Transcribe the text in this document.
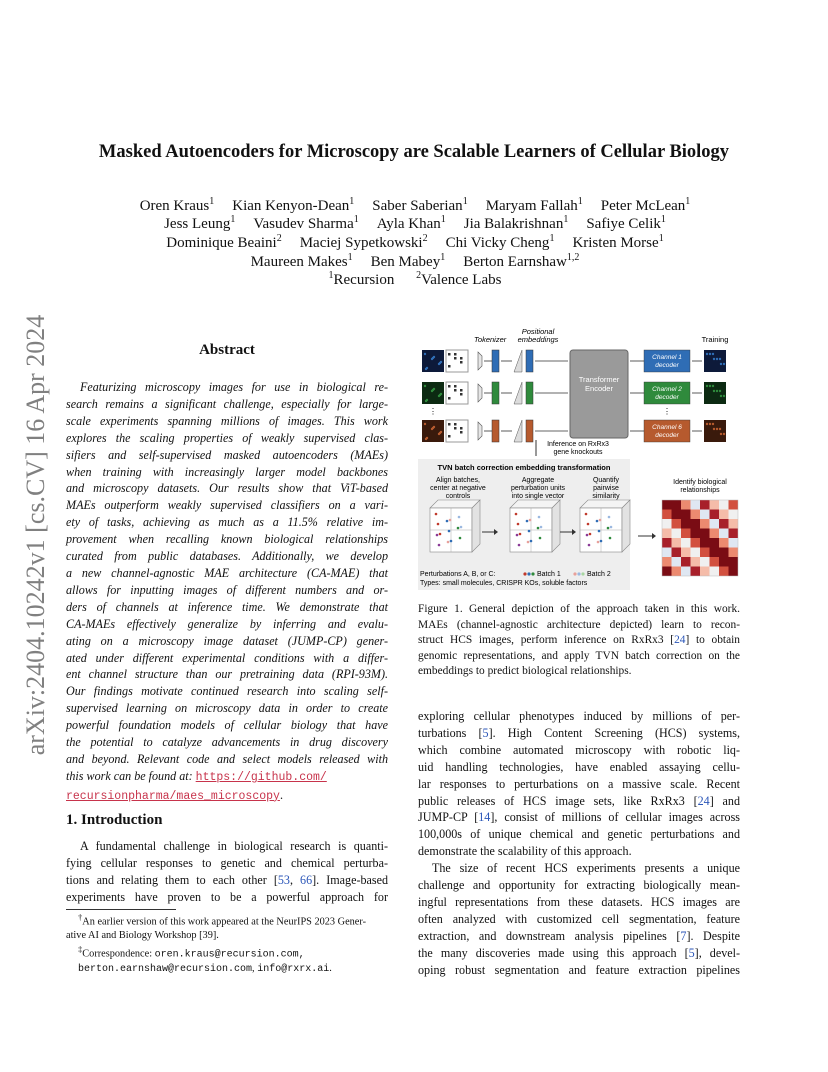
arXiv:2404.10242v1 [cs.CV] 16 Apr 2024
Masked Autoencoders for Microscopy are Scalable Learners of Cellular Biology
Oren Kraus$^1$ Kian Kenyon-Dean$^1$ Saber Saberian$^1$ Maryam Fallah$^1$ Peter McLean$^1$
Jess Leung$^1$ Vasudev Sharma$^1$ Ayla Khan$^1$ Jia Balakrishnan$^1$ Safiye Celik$^1$
Dominique Beaini$^2$ Maciej Sypetkowski$^2$ Chi Vicky Cheng$^1$ Kristen Morse$^1$
Maureen Makes$^1$ Ben Mabey$^1$ Berton Earnshaw$^{1,2}$
$^1$Recursion $^2$Valence Labs
Abstract
Featurizing microscopy images for use in biological re-
search remains a significant challenge, especially for large-
scale experiments spanning millions of images. This work
explores the scaling properties of weakly supervised clas-
sifiers and self-supervised masked autoencoders (MAEs)
when training with increasingly larger model backbones
and microscopy datasets. Our results show that ViT-based
MAEs outperform weakly supervised classifiers on a vari-
ety of tasks, achieving as much as a 11.5% relative im-
provement when recalling known biological relationships
curated from public databases. Additionally, we develop
a new channel-agnostic MAE architecture (CA-MAE) that
allows for inputting images of different numbers and or-
ders of channels at inference time. We demonstrate that
CA-MAEs effectively generalize by inferring and evalu-
ating on a microscopy image dataset (JUMP-CP) gener-
ated under different experimental conditions with a differ-
ent channel structure than our pretraining data (RPI-93M).
Our findings motivate continued research into scaling self-
supervised learning on microscopy data in order to create
powerful foundation models of cellular biology that have
the potential to catalyze advancements in drug discovery
and beyond. Relevant code and select models released with
this work can be found at: https://github.com/
recursionpharma/maes_microscopy.
1. Introduction
A fundamental challenge in biological research is quanti-
fying cellular responses to genetic and chemical perturba-
tions and relating them to each other [53, 66]. Image-based
experiments have proven to be a powerful approach for
†An earlier version of this work appeared at the NeurIPS 2023 Gener-
ative AI and Biology Workshop [39].
‡Correspondence: oren.kraus@recursion.com,
berton.earnshaw@recursion.com, info@rxrx.ai.
Tokenizer
Positional
embeddings	Training
⋮
Transformer
Encoder
Channel 1
decoder
Channel 2
decoder
Channel 6
decoder
⋮
Inference on RxRx3
gene knockouts
TVN batch correction embedding transformation
Align batches, center at negative controls
Aggregate perturbation units into single vector
Quantify pairwise similarity
Perturbations A, B, or C:	Batch 1	Batch 2
Types: small molecules, CRISPR KOs, soluble factors
Identify biological relationships
Figure 1. General depiction of the approach taken in this work.
MAEs (channel-agnostic architecture depicted) learn to recon-
struct HCS images, perform inference on RxRx3 [24] to obtain
genomic representations, and apply TVN batch correction on the
embeddings to predict biological relationships.
exploring cellular phenotypes induced by millions of per-
turbations [5]. High Content Screening (HCS) systems,
which combine automated microscopy with robotic liq-
uid handling technologies, have enabled assaying cellu-
lar responses to perturbations on a massive scale. Recent
public releases of HCS image sets, like RxRx3 [24] and
JUMP-CP [14], consist of millions of cellular images across
100,000s of unique chemical and genetic perturbations and
demonstrate the scalability of this approach.
The size of recent HCS experiments presents a unique
challenge and opportunity for extracting biologically mean-
ingful representations from these datasets. HCS images are
often analyzed with customized cell segmentation, feature
extraction, and downstream analysis pipelines [7]. Despite
the many discoveries made using this approach [5], devel-
oping robust segmentation and feature extraction pipelines
